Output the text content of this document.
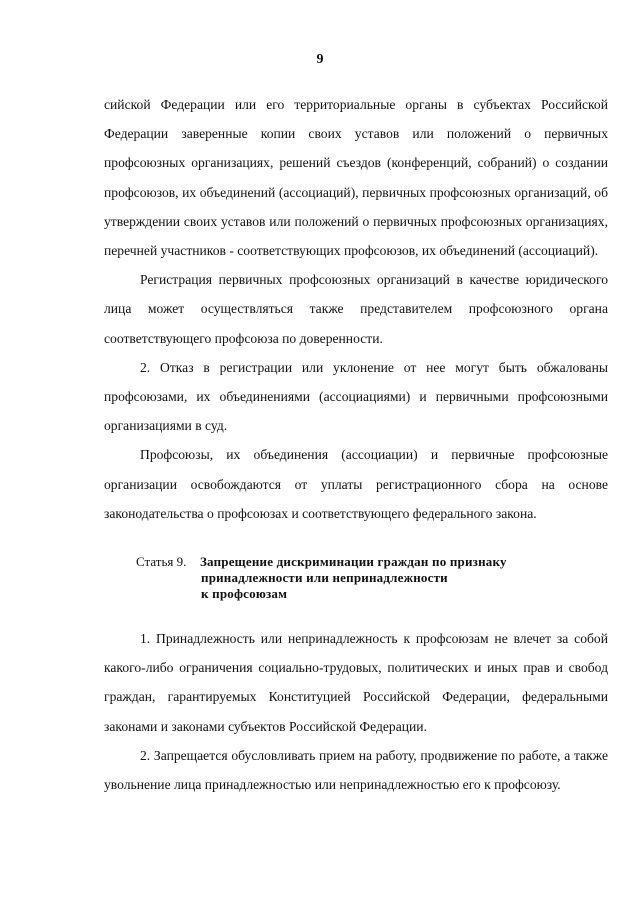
9

сийской Федерации или его территориальные органы в субъектах Российской Федерации заверенные копии своих уставов или положений о первичных профсоюзных организациях, решений съездов (конференций, собраний) о создании профсоюзов, их объединений (ассоциаций), первичных профсоюзных организаций, об утверждении своих уставов или положений о первичных профсоюзных организациях, перечней участников - соответствующих профсоюзов, их объединений (ассоциаций).

Регистрация первичных профсоюзных организаций в качестве юридического лица может осуществляться также представителем профсоюзного органа соответствующего профсоюза по доверенности.

2. Отказ в регистрации или уклонение от нее могут быть обжалованы профсоюзами, их объединениями (ассоциациями) и первичными профсоюзными организациями в суд.

Профсоюзы, их объединения (ассоциации) и первичные профсоюзные организации освобождаются от уплаты регистрационного сбора на основе законодательства о профсоюзах и соответствующего федерального закона.

Статья 9. Запрещение дискриминации граждан по признаку
принадлежности или непринадлежности
к профсоюзам

1. Принадлежность или непринадлежность к профсоюзам не влечет за собой какого-либо ограничения социально-трудовых, политических и иных прав и свобод граждан, гарантируемых Конституцией Российской Федерации, федеральными законами и законами субъектов Российской Федерации.

2. Запрещается обусловливать прием на работу, продвижение по работе, а также увольнение лица принадлежностью или непринадлежностью его к профсоюзу.
